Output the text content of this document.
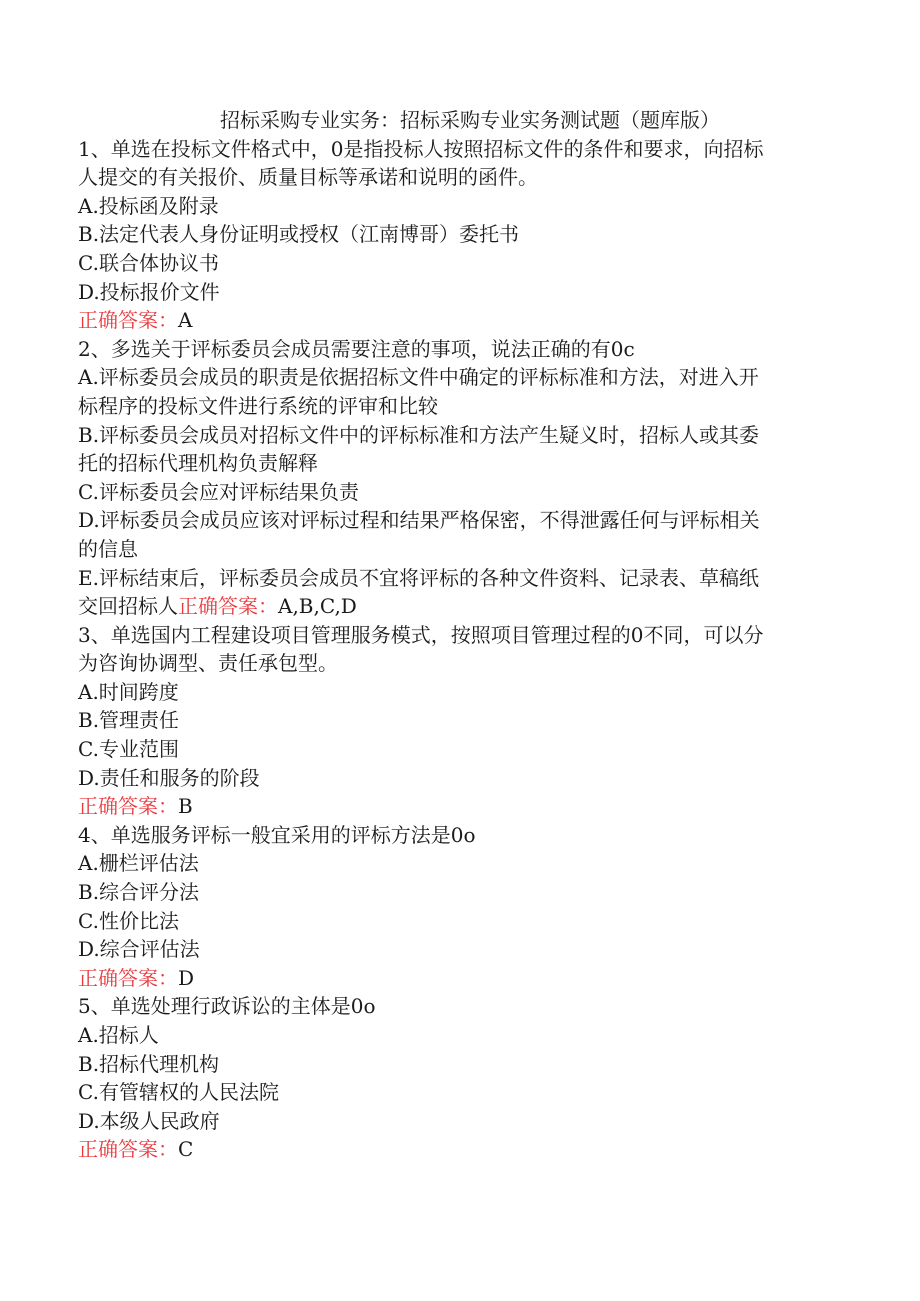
招标采购专业实务：招标采购专业实务测试题（题库版）

1、单选在投标文件格式中，0是指投标人按照招标文件的条件和要求，向招标

人提交的有关报价、质量目标等承诺和说明的函件。

A.投标函及附录

B.法定代表人身份证明或授权（江南博哥）委托书

C.联合体协议书

D.投标报价文件

正确答案：A

2、多选关于评标委员会成员需要注意的事项，说法正确的有0c

A.评标委员会成员的职责是依据招标文件中确定的评标标准和方法，对进入开

标程序的投标文件进行系统的评审和比较

B.评标委员会成员对招标文件中的评标标准和方法产生疑义时，招标人或其委

托的招标代理机构负责解释

C.评标委员会应对评标结果负责

D.评标委员会成员应该对评标过程和结果严格保密，不得泄露任何与评标相关

的信息

E.评标结束后，评标委员会成员不宜将评标的各种文件资料、记录表、草稿纸

交回招标人正确答案：A,B,C,D

3、单选国内工程建设项目管理服务模式，按照项目管理过程的0不同，可以分

为咨询协调型、责任承包型。

A.时间跨度

B.管理责任

C.专业范围

D.责任和服务的阶段

正确答案：B

4、单选服务评标一般宜采用的评标方法是0o

A.栅栏评估法

B.综合评分法

C.性价比法

D.综合评估法

正确答案：D

5、单选处理行政诉讼的主体是0o

A.招标人

B.招标代理机构

C.有管辖权的人民法院

D.本级人民政府

正确答案：C
